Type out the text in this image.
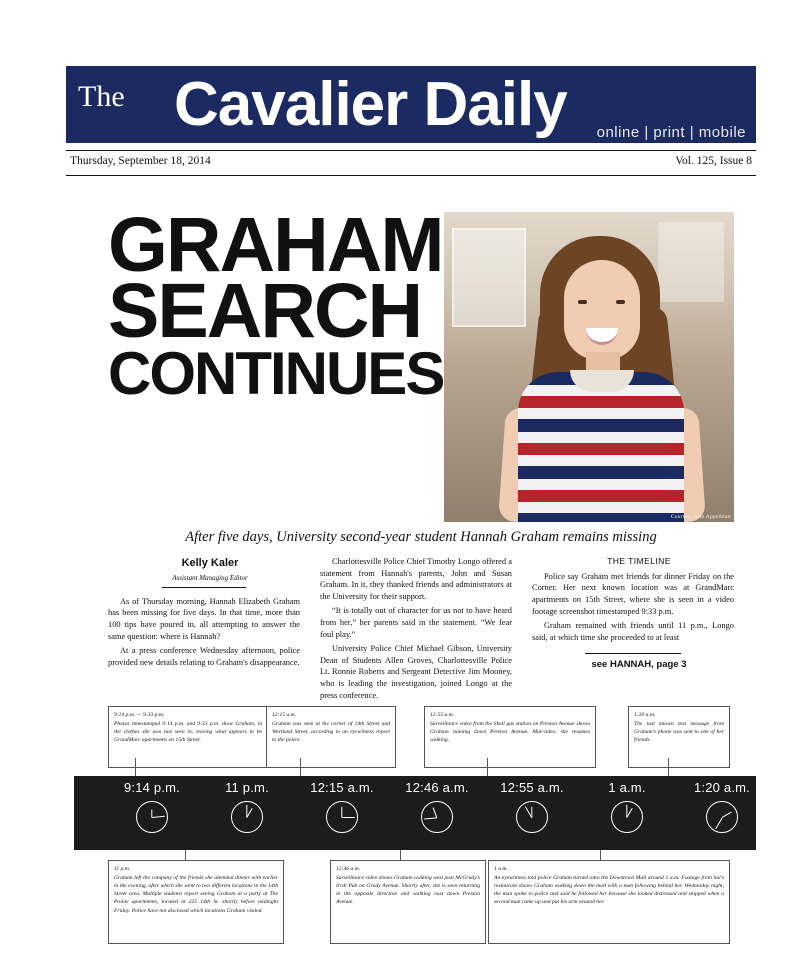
The Cavalier Daily online | print | mobile
Thursday, September 18, 2014	Vol. 125, Issue 8
GRAHAM
SEARCH
CONTINUES
Courtesy Seth Appelblatt
After five days, University second-year student Hannah Graham remains missing

Kelly Kaler

Assistant Managing Editor

As of Thursday morning, Hannah Elizabeth Graham has been missing for five days. In that time, more than 100 tips have poured in, all attempting to answer the same question: where is Hannah?

At a press conference Wednesday afternoon, police provided new details relating to Graham's disappearance.

Charlottesville Police Chief Timothy Longo offered a statement from Hannah's parents, John and Susan Graham. In it, they thanked friends and administrators at the University for their support.

“It is totally out of character for us not to have heard from her,” her parents said in the statement. “We fear foul play.”

University Police Chief Michael Gibson, University Dean of Students Allen Groves, Charlottesville Police Lt. Ronnie Roberts and Sergeant Detective Jim Mooney, who is leading the investigation, joined Longo at the press conference.

THE TIMELINE

Police say Graham met friends for dinner Friday on the Corner. Her next known location was at GrandMarc apartments on 15th Street, where she is seen in a video footage screenshot timestamped 9:33 p.m.

Graham remained with friends until 11 p.m., Longo said, at which time she proceeded to at least

see HANNAH, page 3

9:14 p.m. — 9:33 p.m.
Photos timestamped 9:14 p.m. and 9:33 p.m. show Graham, in the clothes she was last seen in, leaving what appears to be GrandMarc apartments on 15th Street.
12:15 a.m.
Graham was seen at the corner of 14th Street and Wertland Street, according to an eyewitness report to the police.
12:55 a.m.
Surveillance video from the Shell gas station on Preston Avenue shows Graham running down Preston Avenue. Mid-video, she resumes walking.
1:20 a.m.
The last known text message from Graham’s phone was sent to one of her friends.
9:14 p.m.	11 p.m.	12:15 a.m.	12:46 a.m.	12:55 a.m.	1 a.m.	1:20 a.m.
11 p.m.
Graham left the company of the friends she attended dinner with earlier in the evening, after which she went to two different locations in the 14th Street area. Multiple students report seeing Graham at a party at The Pointe apartments, located at 225 14th St. shortly before midnight Friday. Police have not disclosed which locations Graham visited.
12:46 a.m.
Surveillance video shows Graham walking west past McGrady’s Irish Pub on Grady Avenue. Shortly after, she is seen returning in the opposite direction and walking east down Preston Avenue.
1 a.m.
An eyewitness told police Graham turned onto the Downtown Mall around 1 a.m. Footage from Sal’s restaurant shows Graham walking down the mall with a man following behind her. Wednesday night, the man spoke to police and said he followed her because she looked distressed and stopped when a second man came up and put his arm around her.
